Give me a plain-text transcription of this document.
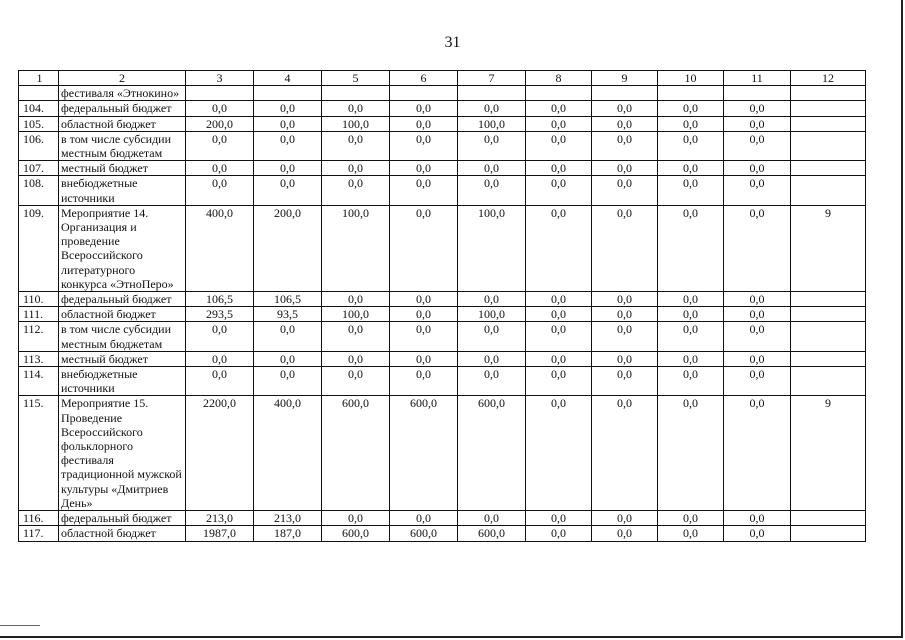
31
1	2	3	4	5	6	7	8	9	10	11	12
	фестиваля «Этнокино»										
104.	федеральный бюджет	0,0	0,0	0,0	0,0	0,0	0,0	0,0	0,0	0,0	
105.	областной бюджет	200,0	0,0	100,0	0,0	100,0	0,0	0,0	0,0	0,0	
106.	в том числе субсидии местным бюджетам	0,0	0,0	0,0	0,0	0,0	0,0	0,0	0,0	0,0	
107.	местный бюджет	0,0	0,0	0,0	0,0	0,0	0,0	0,0	0,0	0,0	
108.	внебюджетные источники	0,0	0,0	0,0	0,0	0,0	0,0	0,0	0,0	0,0	
109.	Мероприятие 14. Организация и проведение Всероссийского литературного конкурса «ЭтноПеро»	400,0	200,0	100,0	0,0	100,0	0,0	0,0	0,0	0,0	9
110.	федеральный бюджет	106,5	106,5	0,0	0,0	0,0	0,0	0,0	0,0	0,0	
111.	областной бюджет	293,5	93,5	100,0	0,0	100,0	0,0	0,0	0,0	0,0	
112.	в том числе субсидии местным бюджетам	0,0	0,0	0,0	0,0	0,0	0,0	0,0	0,0	0,0	
113.	местный бюджет	0,0	0,0	0,0	0,0	0,0	0,0	0,0	0,0	0,0	
114.	внебюджетные источники	0,0	0,0	0,0	0,0	0,0	0,0	0,0	0,0	0,0	
115.	Мероприятие 15. Проведение Всероссийского фольклорного фестиваля традиционной мужской культуры «Дмитриев День»	2200,0	400,0	600,0	600,0	600,0	0,0	0,0	0,0	0,0	9
116.	федеральный бюджет	213,0	213,0	0,0	0,0	0,0	0,0	0,0	0,0	0,0	
117.	областной бюджет	1987,0	187,0	600,0	600,0	600,0	0,0	0,0	0,0	0,0	
